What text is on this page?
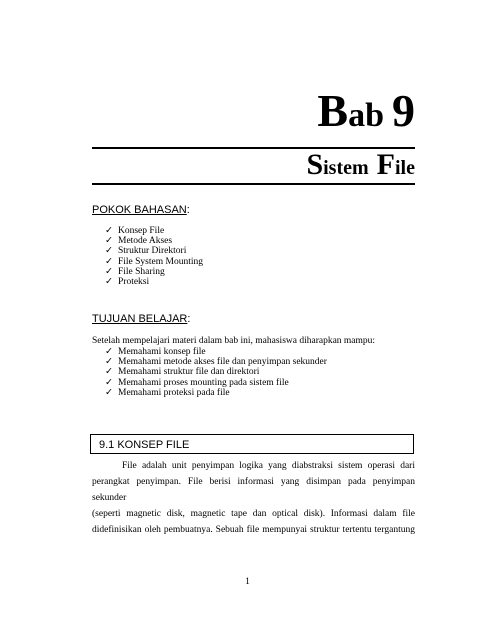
Bab 9
Sistem File
POKOK BAHASAN:
✓ Konsep File
✓ Metode Akses
✓ Struktur Direktori
✓ File System Mounting
✓ File Sharing
✓ Proteksi
TUJUAN BELAJAR:
Setelah mempelajari materi dalam bab ini, mahasiswa diharapkan mampu:
✓ Memahami konsep file
✓ Memahami metode akses file dan penyimpan sekunder
✓ Memahami struktur file dan direktori
✓ Memahami proses mounting pada sistem file
✓ Memahami proteksi pada file
9.1 KONSEP FILE
File adalah unit penyimpan logika yang diabstraksi sistem operasi dari
perangkat penyimpan. File berisi informasi yang disimpan pada penyimpan sekunder
(seperti magnetic disk, magnetic tape dan optical disk). Informasi dalam file
didefinisikan oleh pembuatnya. Sebuah file mempunyai struktur tertentu tergantung
1
